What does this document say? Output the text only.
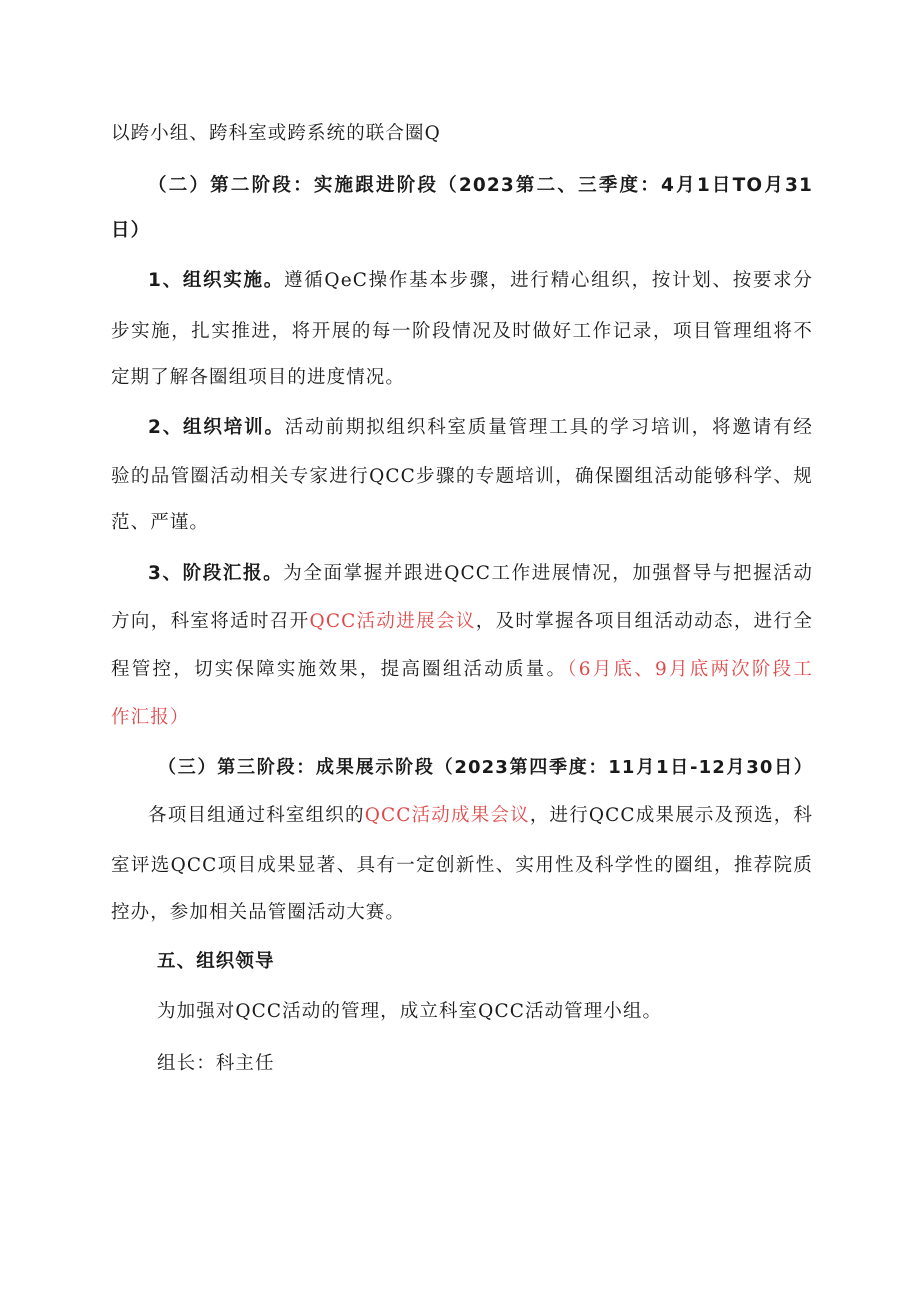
以跨小组、跨科室或跨系统的联合圈Q
（二）第二阶段：实施跟进阶段（2023第二、三季度：4月1日TO月31
日）
1、组织实施。遵循QeC操作基本步骤，进行精心组织，按计划、按要求分
步实施，扎实推进，将开展的每一阶段情况及时做好工作记录，项目管理组将不
定期了解各圈组项目的进度情况。
2、组织培训。活动前期拟组织科室质量管理工具的学习培训，将邀请有经
验的品管圈活动相关专家进行QCC步骤的专题培训，确保圈组活动能够科学、规
范、严谨。
3、阶段汇报。为全面掌握并跟进QCC工作进展情况，加强督导与把握活动
方向，科室将适时召开QCC活动进展会议，及时掌握各项目组活动动态，进行全
程管控，切实保障实施效果，提高圈组活动质量。（6月底、9月底两次阶段工
作汇报）
（三）第三阶段：成果展示阶段（2023第四季度：11月1日-12月30日）
各项目组通过科室组织的QCC活动成果会议，进行QCC成果展示及预选，科
室评选QCC项目成果显著、具有一定创新性、实用性及科学性的圈组，推荐院质
控办，参加相关品管圈活动大赛。
五、组织领导
为加强对QCC活动的管理，成立科室QCC活动管理小组。
组长：科主任
